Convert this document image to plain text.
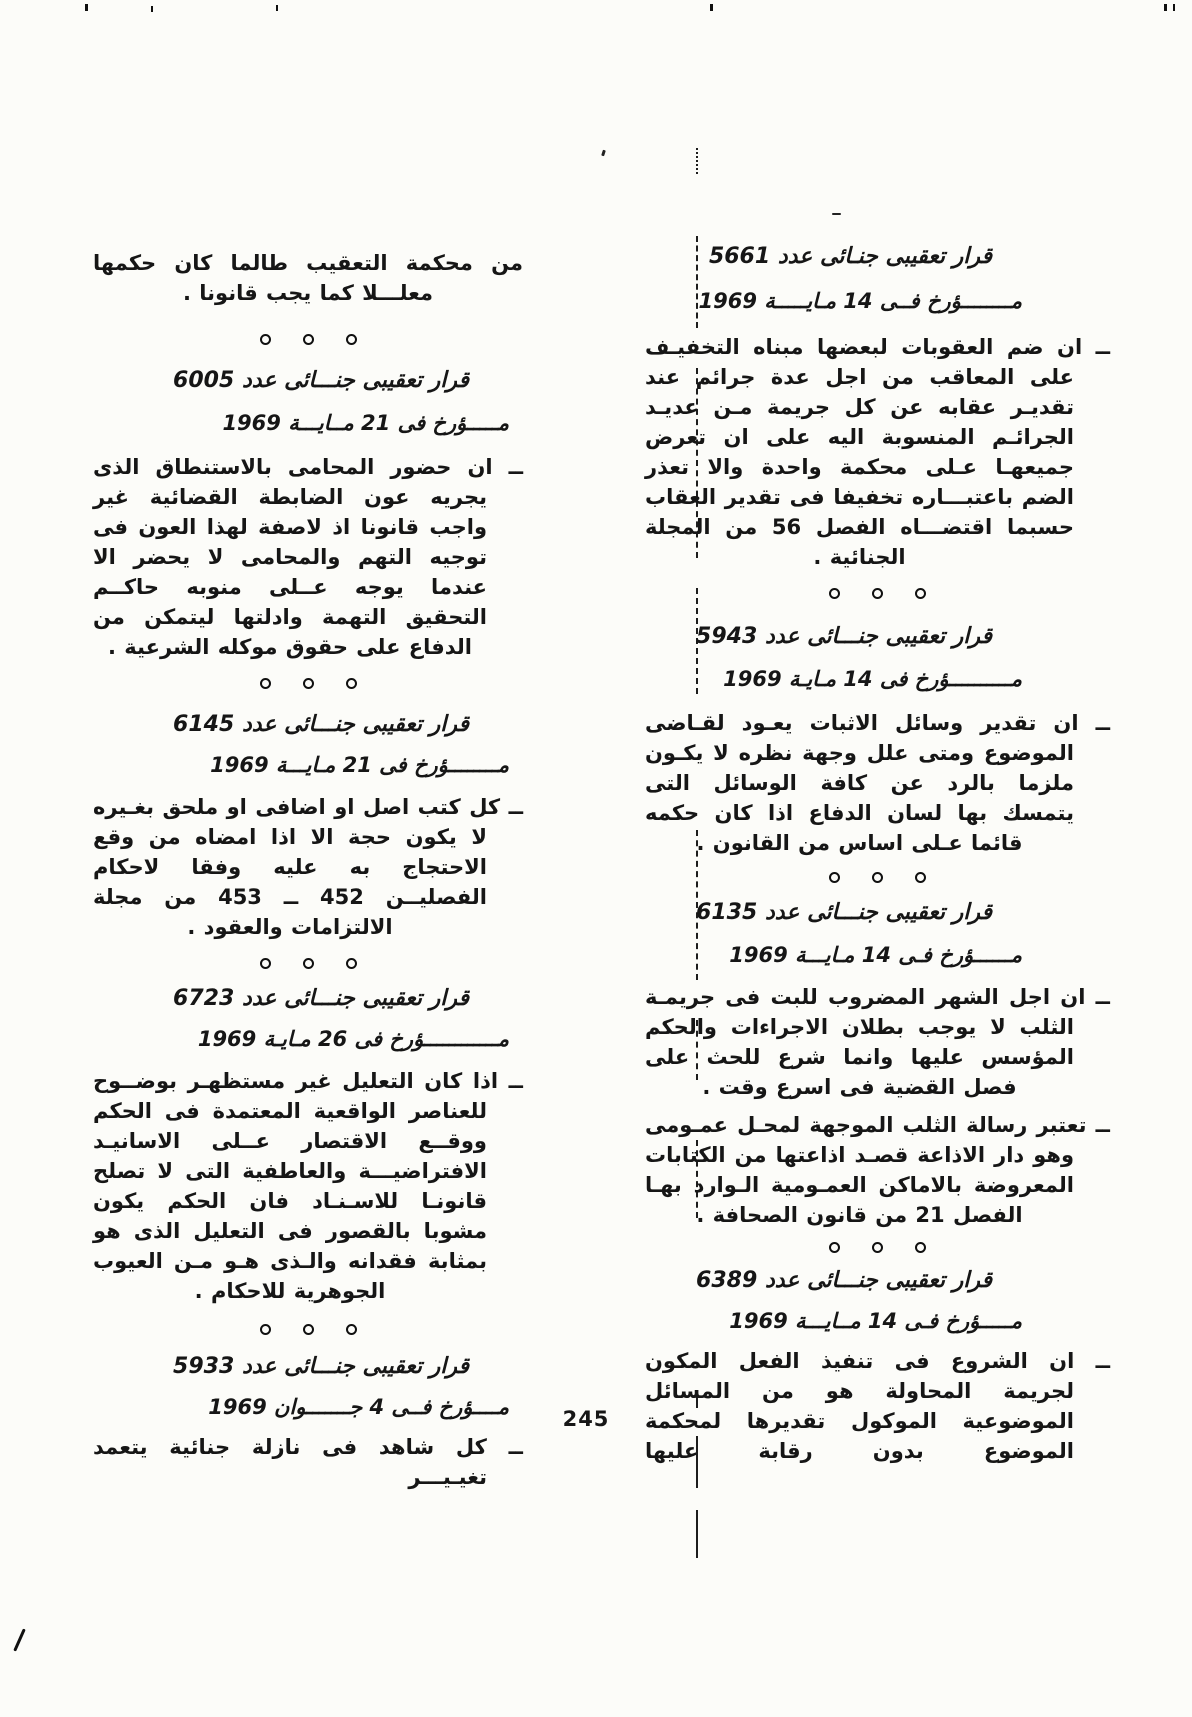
قرار تعقيبى جنـائى عدد 5661
مــــــــؤرخ فــى 14 مـايـــــة 1969

ــ ان ضم العقوبات لبعضها مبناه التخفيـف على المعاقب من اجل عدة جرائم عند تقديـر عقابه عن كل جريمة مـن عديـد الجرائـم المنسوبة اليه على ان تعرض جميعهـا عـلى محكمة واحدة والا تعذر الضم باعتبـــاره تخفيفا فى تقدير العقاب حسبما اقتضـــاه الفصل 56 من المجلة الجنائية .

قرار تعقيبى جنـــائى عدد 5943
مــــــــــؤرخ فى 14 مـايـة 1969

ــ ان تقدير وسائل الاثبات يعـود لقـاضى الموضوع ومتى علل وجهة نظره لا يكـون ملزما بالرد عن كافة الوسائل التى يتمسك بها لسان الدفاع اذا كان حكمه قائما عـلى اساس من القانون .

قرار تعقيبى جنـــائى عدد 6135
مــــــؤرخ فـى 14 مـايـــة 1969

ــ ان اجل الشهر المضروب للبت فى جريمـة الثلب لا يوجب بطلان الاجراءات والحكم المؤسس عليها وانما شرع للحث على فصل القضية فى اسرع وقت .

ــ تعتبر رسالة الثلب الموجهة لمحـل عمـومى وهو دار الاذاعة قصـد اذاعتها من الكتابات المعروضة بالاماكن العمـومية الـوارد بهـا الفصل 21 من قانون الصحافة .

قرار تعقيبى جنـــائى عدد 6389
مـــــؤرخ فـى 14 مــايـــة 1969

ــ ان الشروع فى تنفيذ الفعل المكون لجريمة المحاولة هو من المسائل الموضوعية الموكول تقديرها لمحكمة الموضوع بدون رقابة عليها

من محكمة التعقيب طالما كان حكمها معلـــلا كما يجب قانونا .

قرار تعقيبى جنـــائى عدد 6005
مـــــؤرخ فى 21 مــايـــة 1969

ــ ان حضور المحامى بالاستنطاق الذى يجريه عون الضابطة القضائية غير واجب قانونا اذ لاصفة لهذا العون فى توجيه التهم والمحامى لا يحضر الا عندما يوجه عــلى منوبه حاكــم التحقيق التهمة وادلتها ليتمكن من الدفاع على حقوق موكله الشرعية .

قرار تعقيبى جنـــائى عدد 6145
مــــــــؤرخ فى 21 مـايـــة 1969

ــ كل كتب اصل او اضافى او ملحق بغـيره لا يكون حجة الا اذا امضاه من وقع الاحتجاج به عليه وفقا لاحكام الفصليــن 452 ــ 453 من مجلة الالتزامات والعقود .

قرار تعقيبى جنـــائى عدد 6723
مــــــــــــؤرخ فى 26 مـايـة 1969

ــ اذا كان التعليل غير مستظهـر بوضــوح للعناصر الواقعية المعتمدة فى الحكم ووقــع الاقتصار عــلى الاسانيـد الافتراضيـــة والعاطفية التى لا تصلح قانونـا للاسـنـاد فان الحكم يكون مشوبا بالقصور فى التعليل الذى هو بمثابة فقدانه والـذى هـو مـن العيوب الجوهرية للاحكام .

قرار تعقيبى جنـــائى عدد 5933
مــــؤرخ فــى 4 جـــــــوان 1969

ــ كل شاهد فى نازلة جنائية يتعمد تغيـيـــر

245
